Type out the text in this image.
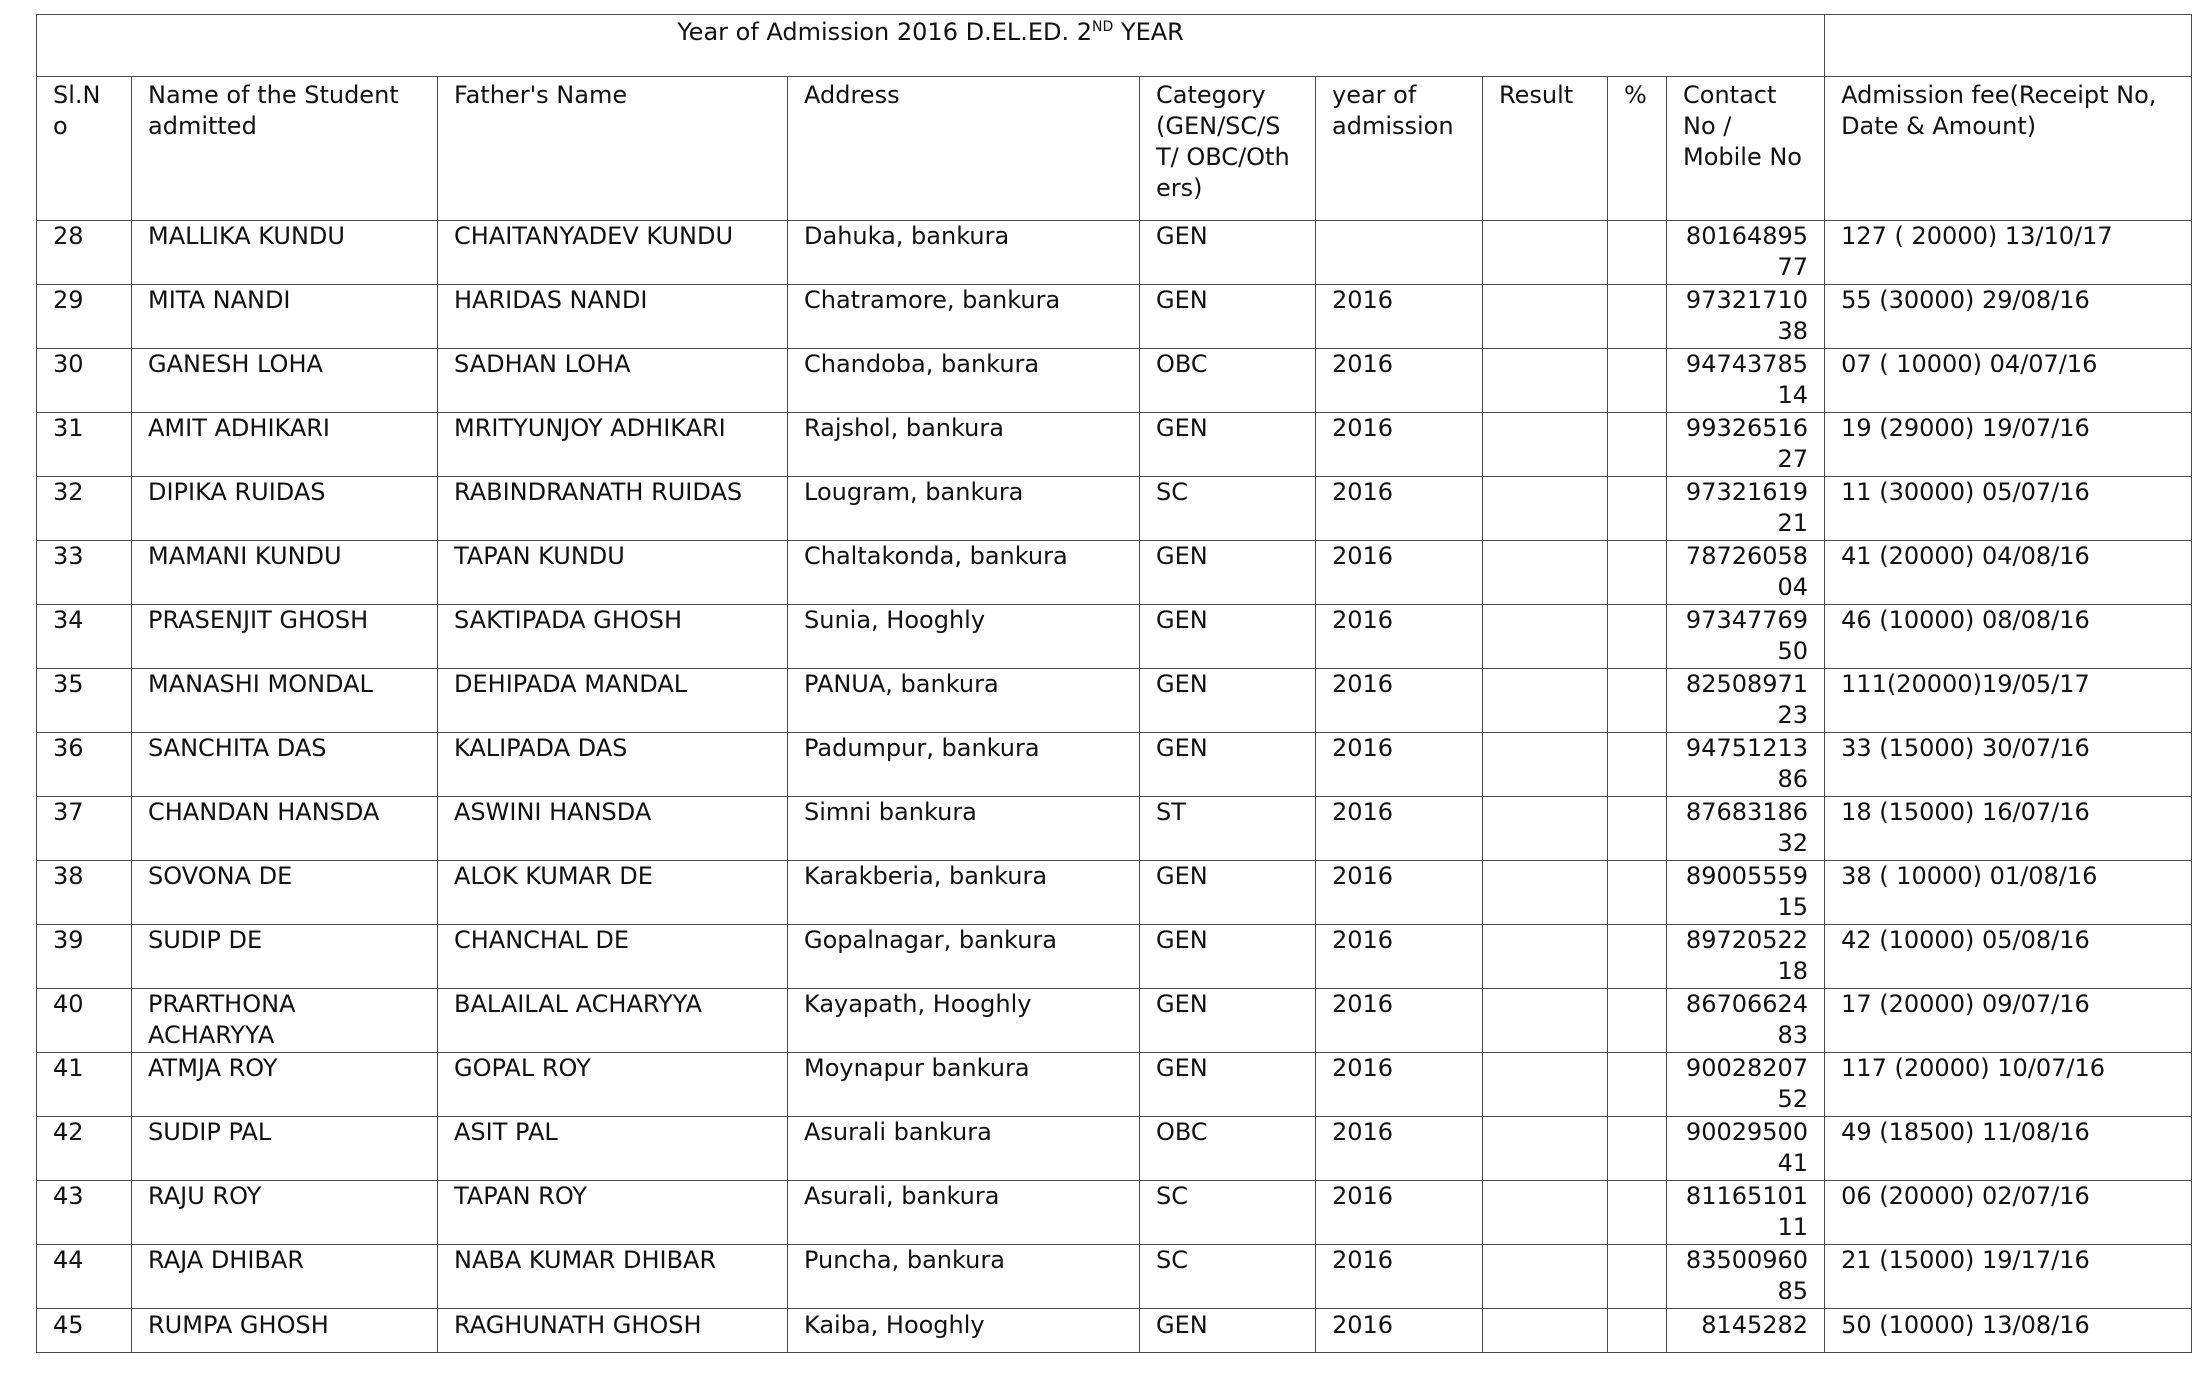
Year of Admission 2016 D.EL.ED. 2ND YEAR									
Sl.No	Name of the Student admitted	Father's Name	Address	Category (GEN/SC/ST/ OBC/Others)	year of admission	Result	%	Contact No / Mobile No	Admission fee(Receipt No, Date & Amount)
28	MALLIKA KUNDU	CHAITANYADEV KUNDU	Dahuka, bankura	GEN				8016489577	127 ( 20000) 13/10/17
29	MITA NANDI	HARIDAS NANDI	Chatramore, bankura	GEN	2016			9732171038	55 (30000) 29/08/16
30	GANESH LOHA	SADHAN LOHA	Chandoba, bankura	OBC	2016			9474378514	07 ( 10000) 04/07/16
31	AMIT ADHIKARI	MRITYUNJOY ADHIKARI	Rajshol, bankura	GEN	2016			9932651627	19 (29000) 19/07/16
32	DIPIKA RUIDAS	RABINDRANATH RUIDAS	Lougram, bankura	SC	2016			9732161921	11 (30000) 05/07/16
33	MAMANI KUNDU	TAPAN KUNDU	Chaltakonda, bankura	GEN	2016			7872605804	41 (20000) 04/08/16
34	PRASENJIT GHOSH	SAKTIPADA GHOSH	Sunia, Hooghly	GEN	2016			9734776950	46 (10000) 08/08/16
35	MANASHI MONDAL	DEHIPADA MANDAL	PANUA, bankura	GEN	2016			8250897123	111(20000)19/05/17
36	SANCHITA DAS	KALIPADA DAS	Padumpur, bankura	GEN	2016			9475121386	33 (15000) 30/07/16
37	CHANDAN HANSDA	ASWINI HANSDA	Simni bankura	ST	2016			8768318632	18 (15000) 16/07/16
38	SOVONA DE	ALOK KUMAR DE	Karakberia, bankura	GEN	2016			8900555915	38 ( 10000) 01/08/16
39	SUDIP DE	CHANCHAL DE	Gopalnagar, bankura	GEN	2016			8972052218	42 (10000) 05/08/16
40	PRARTHONA ACHARYYA	BALAILAL ACHARYYA	Kayapath, Hooghly	GEN	2016			8670662483	17 (20000) 09/07/16
41	ATMJA ROY	GOPAL ROY	Moynapur bankura	GEN	2016			9002820752	117 (20000) 10/07/16
42	SUDIP PAL	ASIT PAL	Asurali bankura	OBC	2016			9002950041	49 (18500) 11/08/16
43	RAJU ROY	TAPAN ROY	Asurali, bankura	SC	2016			8116510111	06 (20000) 02/07/16
44	RAJA DHIBAR	NABA KUMAR DHIBAR	Puncha, bankura	SC	2016			8350096085	21 (15000) 19/17/16
45	RUMPA GHOSH	RAGHUNATH GHOSH	Kaiba, Hooghly	GEN	2016			8145282	50 (10000) 13/08/16
